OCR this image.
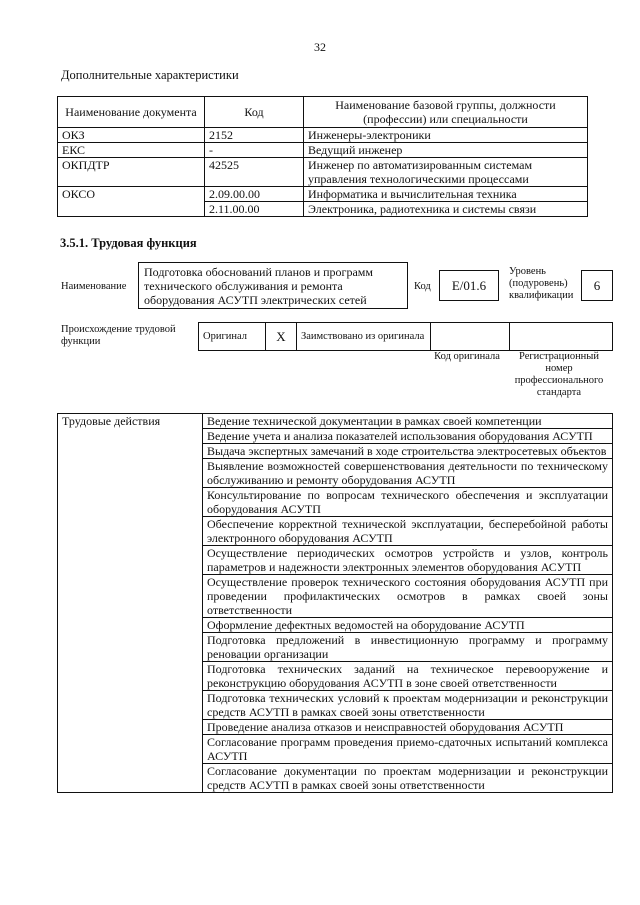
32
Дополнительные характеристики
Наименование документа	Код	Наименование базовой группы, должности (профессии) или специальности
ОКЗ	2152	Инженеры-электроники
ЕКС	-	Ведущий инженер
ОКПДТР	42525	Инженер по автоматизированным системам управления технологическими процессами
ОКСО	2.09.00.00	Информатика и вычислительная техника
	2.11.00.00	Электроника, радиотехника и системы связи
3.5.1. Трудовая функция
Наименование
Подготовка обоснований планов и программ технического обслуживания и ремонта оборудования АСУТП электрических сетей
Код	E/01.6
Уровень (подуровень) квалификации
6
Происхождение трудовой функции	Оригинал	X	Заимствовано из оригинала		
Код оригинала	Регистрационный номер профессионального стандарта
Трудовые действия	Ведение технической документации в рамках своей компетенции
Ведение учета и анализа показателей использования оборудования АСУТП
Выдача экспертных замечаний в ходе строительства электросетевых объектов
Выявление возможностей совершенствования деятельности по техническому обслуживанию и ремонту оборудования АСУТП
Консультирование по вопросам технического обеспечения и эксплуатации оборудования АСУТП
Обеспечение корректной технической эксплуатации, бесперебойной работы электронного оборудования АСУТП
Осуществление периодических осмотров устройств и узлов, контроль параметров и надежности электронных элементов оборудования АСУТП
Осуществление проверок технического состояния оборудования АСУТП при проведении профилактических осмотров в рамках своей зоны ответственности
Оформление дефектных ведомостей на оборудование АСУТП
Подготовка предложений в инвестиционную программу и программу реновации организации
Подготовка технических заданий на техническое перевооружение и реконструкцию оборудования АСУТП в зоне своей ответственности
Подготовка технических условий к проектам модернизации и реконструкции средств АСУТП в рамках своей зоны ответственности
Проведение анализа отказов и неисправностей оборудования АСУТП
Согласование программ проведения приемо-сдаточных испытаний комплекса АСУТП
Согласование документации по проектам модернизации и реконструкции средств АСУТП в рамках своей зоны ответственности
